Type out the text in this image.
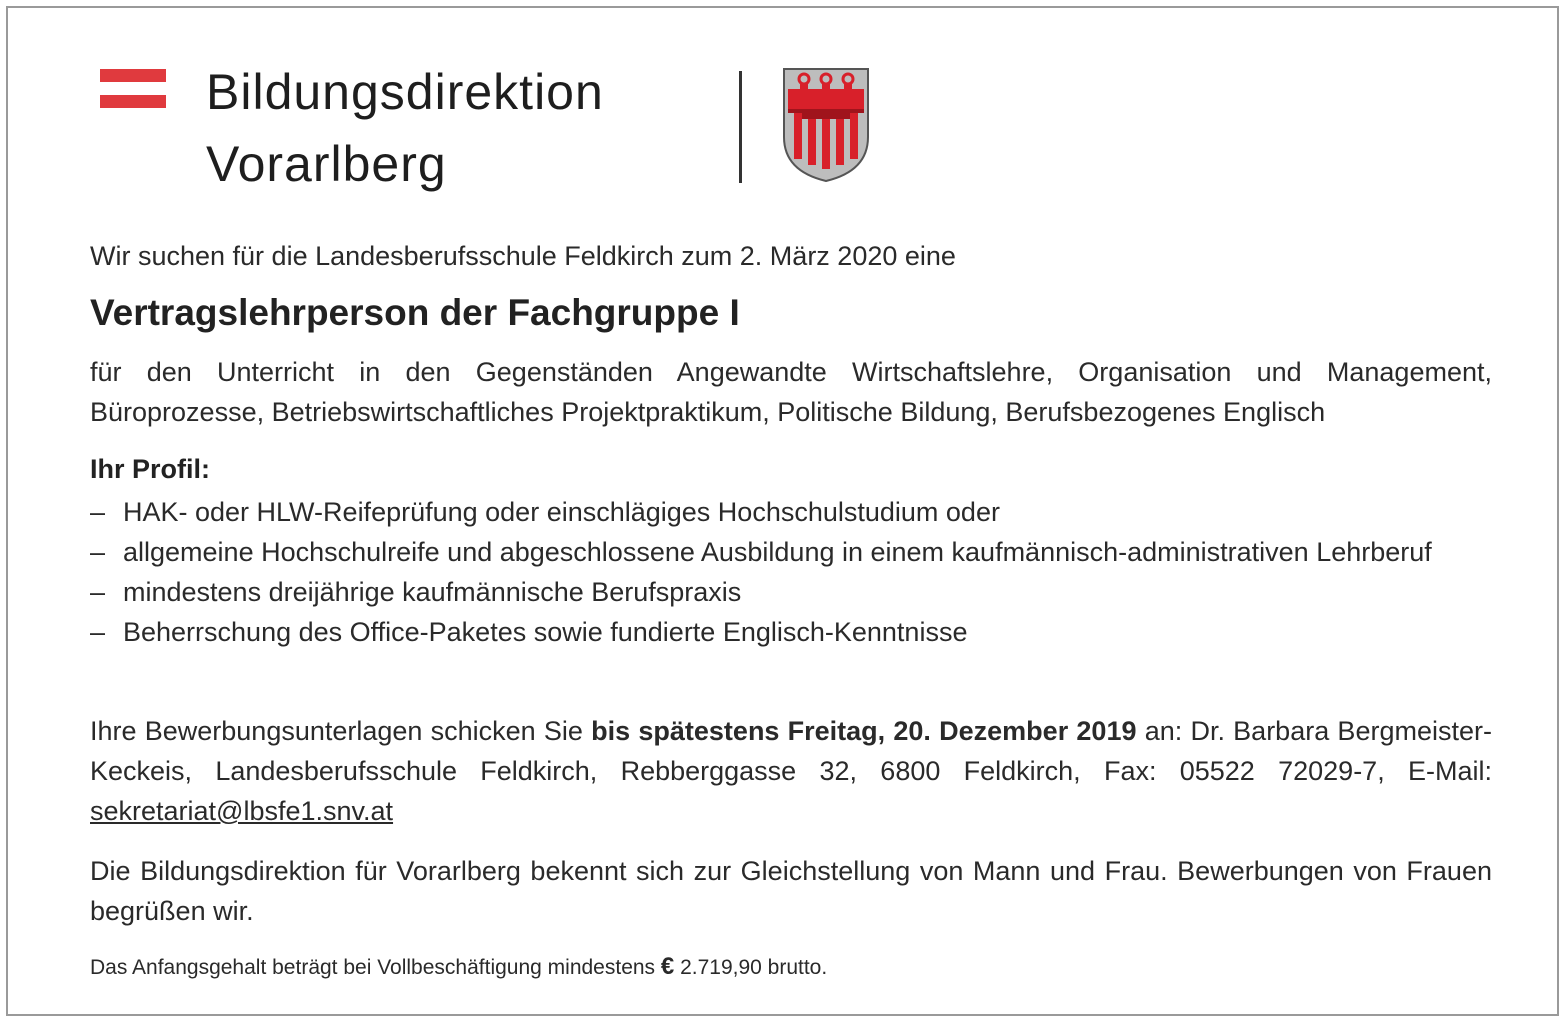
Bildungsdirektion
Vorarlberg
Wir suchen für die Landesberufsschule Feldkirch zum 2. März 2020 eine
Vertragslehrperson der Fachgruppe I
für den Unterricht in den Gegenständen Angewandte Wirtschaftslehre, Organisation und Management, Büroprozesse, Betriebswirtschaftliches Projektpraktikum, Politische Bildung, Berufsbezogenes Englisch
Ihr Profil:
– HAK- oder HLW-Reifeprüfung oder einschlägiges Hochschulstudium oder
– allgemeine Hochschulreife und abgeschlossene Ausbildung in einem kaufmännisch-administrativen Lehrberuf
– mindestens dreijährige kaufmännische Berufspraxis
– Beherrschung des Office-Paketes sowie fundierte Englisch-Kenntnisse
Ihre Bewerbungsunterlagen schicken Sie bis spätestens Freitag, 20. Dezember 2019 an: Dr. Barbara Bergmeister-Keckeis, Landesberufsschule Feldkirch, Rebberggasse 32, 6800 Feldkirch, Fax: 05522 72029-7, E-Mail: sekretariat@lbsfe1.snv.at
Die Bildungsdirektion für Vorarlberg bekennt sich zur Gleichstellung von Mann und Frau. Bewerbungen von Frauen begrüßen wir.
Das Anfangsgehalt beträgt bei Vollbeschäftigung mindestens € 2.719,90 brutto.
